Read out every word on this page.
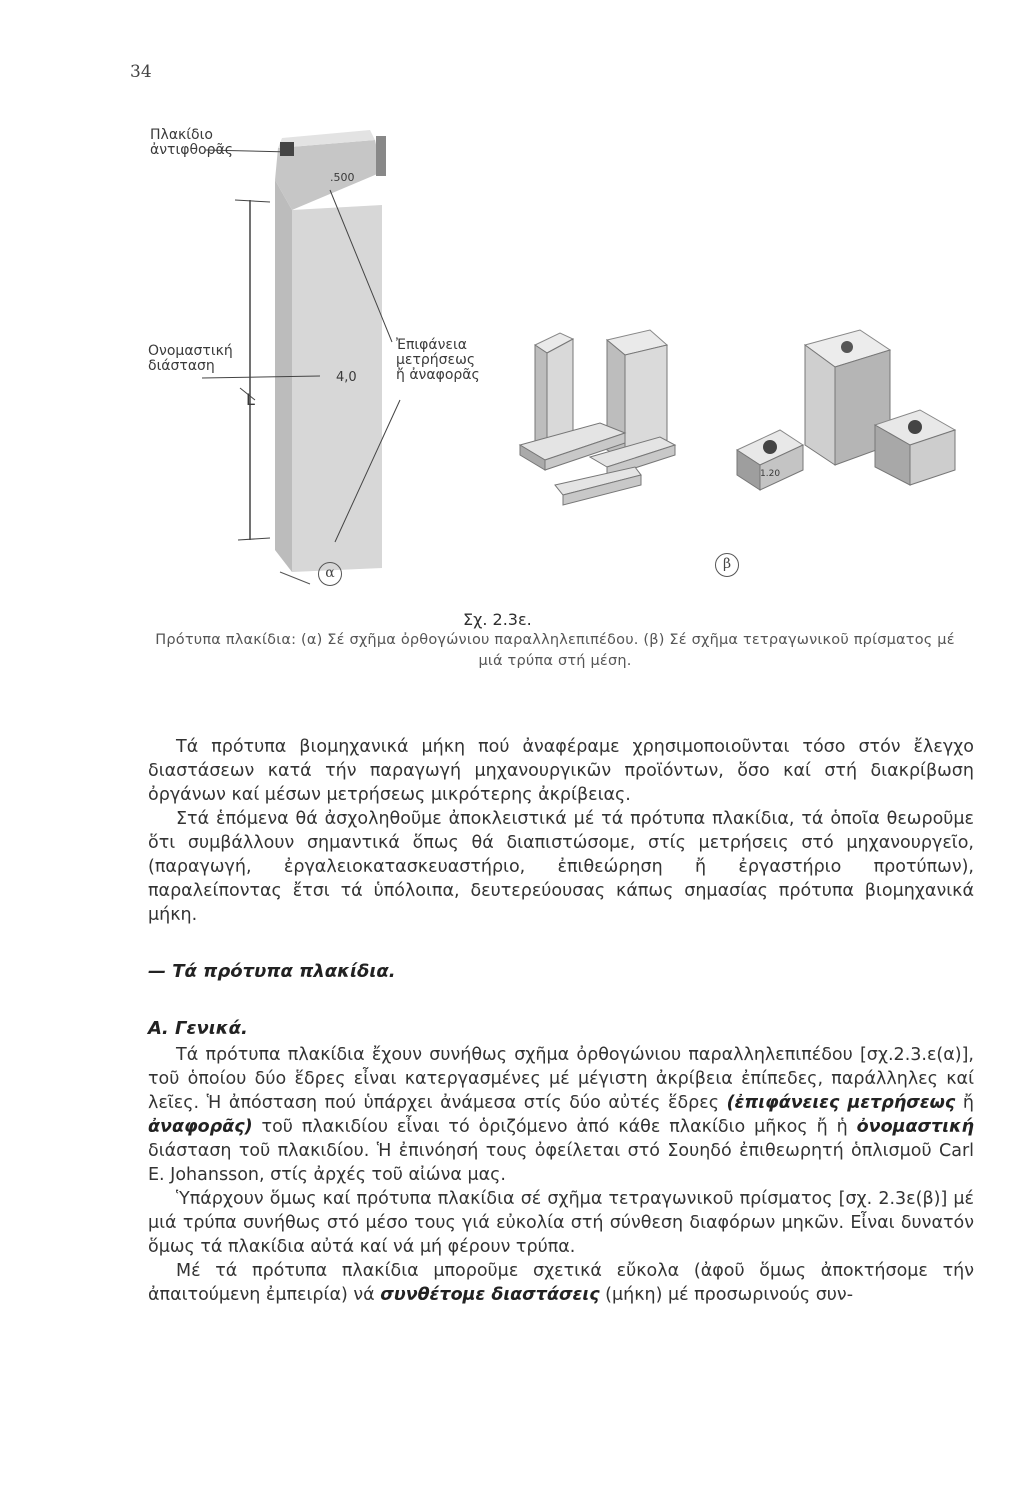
34
Πλακίδιο
ἀντιφθορᾶς
Ονομαστική
διάσταση
L
Ἐπιφάνεια
μετρήσεως
ἤ ἀναφορᾶς
.500
4,0
α
1.20
β
Σχ. 2.3ε.
Πρότυπα πλακίδια: (α) Σέ σχῆμα ὀρθογώνιου παραλληλεπιπέδου. (β) Σέ σχῆμα τετραγωνικοῦ πρίσματος μέ μιά τρύπα στή μέση.

Τά πρότυπα βιομηχανικά μήκη πού ἀναφέραμε χρησιμοποιοῦνται τόσο στόν ἔλεγχο διαστάσεων κατά τήν παραγωγή μηχανουργικῶν προϊόντων, ὅσο καί στή διακρίβωση ὀργάνων καί μέσων μετρήσεως μικρότερης ἀκρίβειας.

Στά ἑπόμενα θά ἀσχοληθοῦμε ἀποκλειστικά μέ τά πρότυπα πλακίδια, τά ὁποῖα θεωροῦμε ὅτι συμβάλλουν σημαντικά ὅπως θά διαπιστώσομε, στίς μετρήσεις στό μηχανουργεῖο, (παραγωγή, ἐργαλειοκατασκευαστήριο, ἐπιθεώρηση ἤ ἐργαστήριο προτύπων), παραλείποντας ἔτσι τά ὑπόλοιπα, δευτερεύουσας κάπως σημασίας πρότυπα βιομηχανικά μήκη.

— Τά πρότυπα πλακίδια.
Α. Γενικά.

Τά πρότυπα πλακίδια ἔχουν συνήθως σχῆμα ὀρθογώνιου παραλληλεπιπέδου [σχ.2.3.ε(α)], τοῦ ὁποίου δύο ἕδρες εἶναι κατεργασμένες μέ μέγιστη ἀκρίβεια ἐπίπεδες, παράλληλες καί λεῖες. Ἡ ἀπόσταση πού ὑπάρχει ἀνάμεσα στίς δύο αὐτές ἕδρες (ἐπιφάνειες μετρήσεως ἤ ἀναφορᾶς) τοῦ πλακιδίου εἶναι τό ὁριζόμενο ἀπό κάθε πλακίδιο μῆκος ἤ ἡ ὀνομαστική διάσταση τοῦ πλακιδίου. Ἡ ἐπινόησή τους ὀφείλεται στό Σουηδό ἐπιθεωρητή ὁπλισμοῦ Carl E. Johansson, στίς ἀρχές τοῦ αἰώνα μας.

Ὑπάρχουν ὅμως καί πρότυπα πλακίδια σέ σχῆμα τετραγωνικοῦ πρίσματος [σχ. 2.3ε(β)] μέ μιά τρύπα συνήθως στό μέσο τους γιά εὐκολία στή σύνθεση διαφόρων μηκῶν. Εἶναι δυνατόν ὅμως τά πλακίδια αὐτά καί νά μή φέρουν τρύπα.

Μέ τά πρότυπα πλακίδια μποροῦμε σχετικά εὔκολα (ἀφοῦ ὅμως ἀποκτήσομε τήν ἀπαιτούμενη ἐμπειρία) νά συνθέτομε διαστάσεις (μήκη) μέ προσωρινούς συν-
